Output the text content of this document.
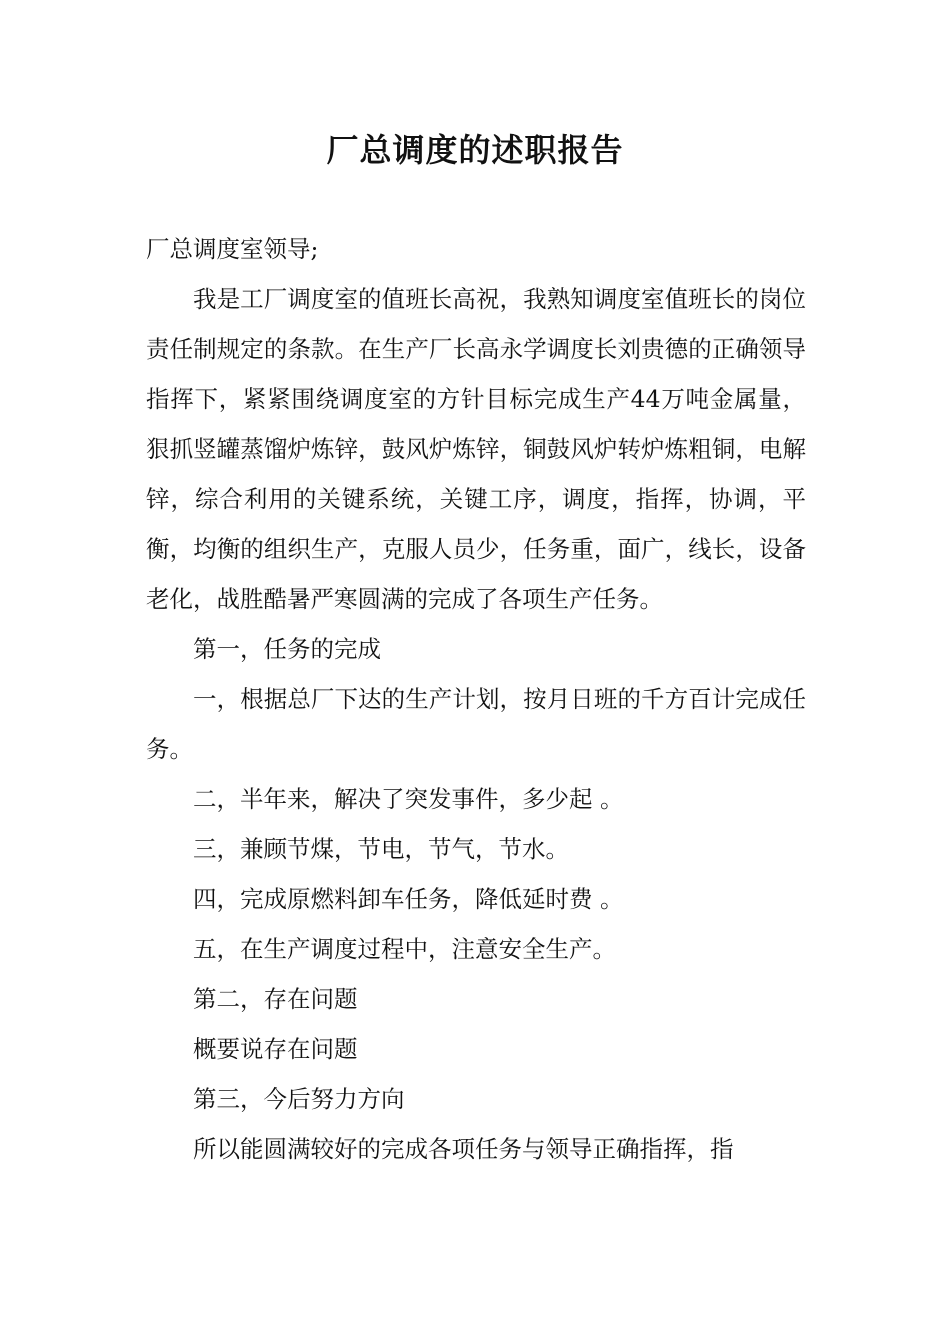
厂总调度的述职报告

厂总调度室领导;

我是工厂调度室的值班长高祝，我熟知调度室值班长的岗位责任制规定的条款。在生产厂长高永学调度长刘贵德的正确领导指挥下，紧紧围绕调度室的方针目标完成生产44万吨金属量，狠抓竖罐蒸馏炉炼锌，鼓风炉炼锌，铜鼓风炉转炉炼粗铜，电解锌，综合利用的关键系统，关键工序，调度，指挥，协调，平衡，均衡的组织生产，克服人员少，任务重，面广，线长，设备老化，战胜酷暑严寒圆满的完成了各项生产任务。

第一，任务的完成

一，根据总厂下达的生产计划，按月日班的千方百计完成任务。

二，半年来，解决了突发事件，多少起 。

三，兼顾节煤，节电，节气，节水。

四，完成原燃料卸车任务，降低延时费 。

五，在生产调度过程中，注意安全生产。

第二，存在问题

概要说存在问题

第三，今后努力方向

所以能圆满较好的完成各项任务与领导正确指挥，指
